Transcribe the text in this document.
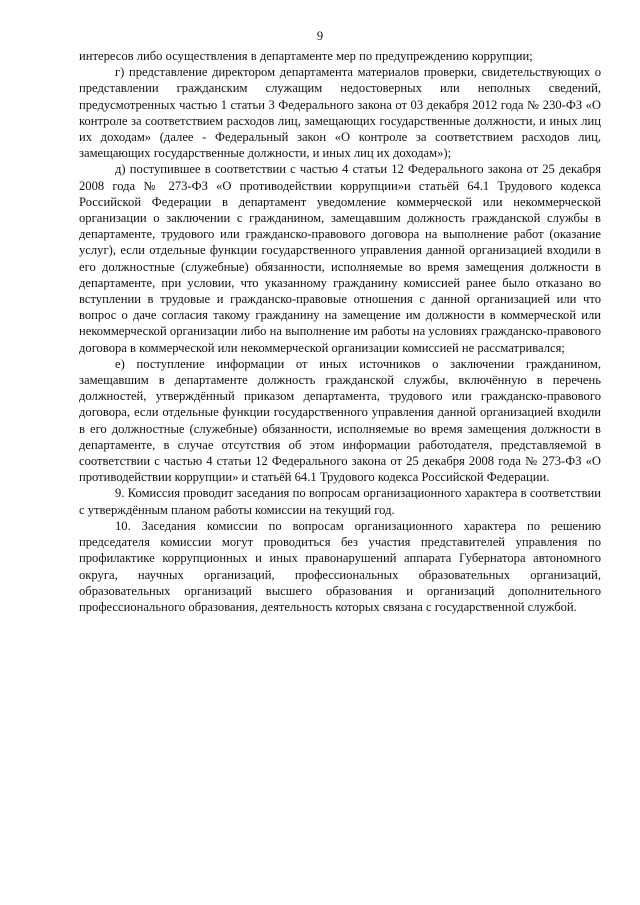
9

интересов либо осуществления в департаменте мер по предупреждению коррупции;

г) представление директором департамента материалов проверки, свидетельствующих о представлении гражданским служащим недостоверных или неполных сведений, предусмотренных частью 1 статьи 3 Федерального закона от 03 декабря 2012 года № 230-ФЗ «О контроле за соответствием расходов лиц, замещающих государственные должности, и иных лиц их доходам» (далее - Федеральный закон «О контроле за соответствием расходов лиц, замещающих государственные должности, и иных лиц их доходам»);

д) поступившее в соответствии с частью 4 статьи 12 Федерального закона от 25 декабря 2008 года № 273-ФЗ «О противодействии коррупции»и статьёй 64.1 Трудового кодекса Российской Федерации в департамент уведомление коммерческой или некоммерческой организации о заключении с гражданином, замещавшим должность гражданской службы в департаменте, трудового или гражданско-правового договора на выполнение работ (оказание услуг), если отдельные функции государственного управления данной организацией входили в его должностные (служебные) обязанности, исполняемые во время замещения должности в департаменте, при условии, что указанному гражданину комиссией ранее было отказано во вступлении в трудовые и гражданско-правовые отношения с данной организацией или что вопрос о даче согласия такому гражданину на замещение им должности в коммерческой или некоммерческой организации либо на выполнение им работы на условиях гражданско-правового договора в коммерческой или некоммерческой организации комиссией не рассматривался;

е) поступление информации от иных источников о заключении гражданином, замещавшим в департаменте должность гражданской службы, включённую в перечень должностей, утверждённый приказом департамента, трудового или гражданско-правового договора, если отдельные функции государственного управления данной организацией входили в его должностные (служебные) обязанности, исполняемые во время замещения должности в департаменте, в случае отсутствия об этом информации работодателя, представляемой в соответствии с частью 4 статьи 12 Федерального закона от 25 декабря 2008 года № 273-ФЗ «О противодействии коррупции» и статьёй 64.1 Трудового кодекса Российской Федерации.

9. Комиссия проводит заседания по вопросам организационного характера в соответствии с утверждённым планом работы комиссии на текущий год.

10. Заседания комиссии по вопросам организационного характера по решению председателя комиссии могут проводиться без участия представителей управления по профилактике коррупционных и иных правонарушений аппарата Губернатора автономного округа, научных организаций, профессиональных образовательных организаций, образовательных организаций высшего образования и организаций дополнительного профессионального образования, деятельность которых связана с государственной службой.
